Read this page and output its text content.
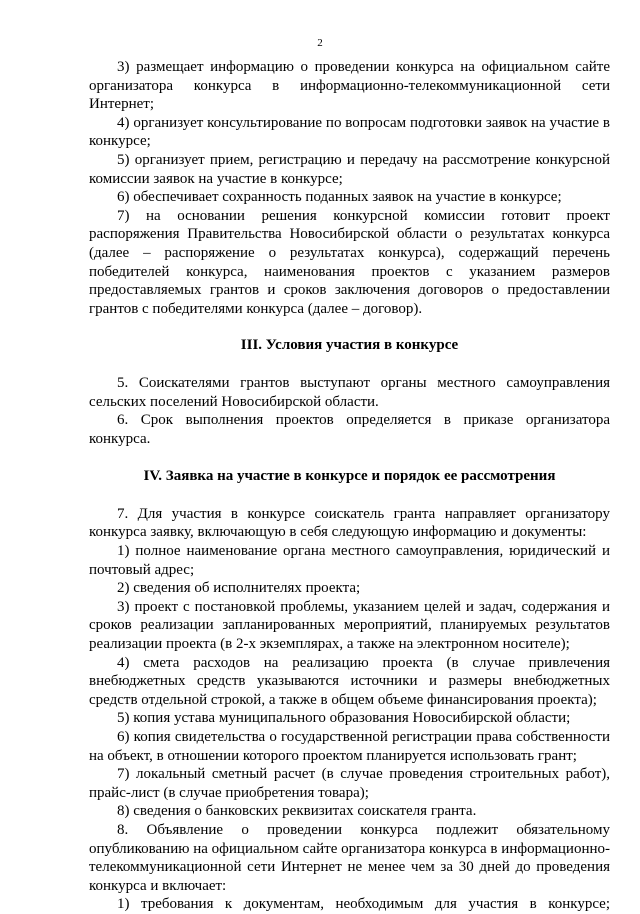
2

3) размещает информацию о проведении конкурса на официальном сайте организатора конкурса в информационно-телекоммуникационной сети Интернет;

4) организует консультирование по вопросам подготовки заявок на участие в конкурсе;

5) организует прием, регистрацию и передачу на рассмотрение конкурсной комиссии заявок на участие в конкурсе;

6) обеспечивает сохранность поданных заявок на участие в конкурсе;

7) на основании решения конкурсной комиссии готовит проект распоряжения Правительства Новосибирской области о результатах конкурса (далее – распоряжение о результатах конкурса), содержащий перечень победителей конкурса, наименования проектов с указанием размеров предоставляемых грантов и сроков заключения договоров о предоставлении грантов с победителями конкурса (далее – договор).

III. Условия участия в конкурсе

5. Соискателями грантов выступают органы местного самоуправления сельских поселений Новосибирской области.

6. Срок выполнения проектов определяется в приказе организатора конкурса.

IV. Заявка на участие в конкурсе и порядок ее рассмотрения

7. Для участия в конкурсе соискатель гранта направляет организатору конкурса заявку, включающую в себя следующую информацию и документы:

1) полное наименование органа местного самоуправления, юридический и почтовый адрес;

2) сведения об исполнителях проекта;

3) проект с постановкой проблемы, указанием целей и задач, содержания и сроков реализации запланированных мероприятий, планируемых результатов реализации проекта (в 2-х экземплярах, а также на электронном носителе);

4) смета расходов на реализацию проекта (в случае привлечения внебюджетных средств указываются источники и размеры внебюджетных средств отдельной строкой, а также в общем объеме финансирования проекта);

5) копия устава муниципального образования Новосибирской области;

6) копия свидетельства о государственной регистрации права собственности на объект, в отношении которого проектом планируется использовать грант;

7) локальный сметный расчет (в случае проведения строительных работ), прайс-лист (в случае приобретения товара);

8) сведения о банковских реквизитах соискателя гранта.

8. Объявление о проведении конкурса подлежит обязательному опубликованию на официальном сайте организатора конкурса в информационно-телекоммуникационной сети Интернет не менее чем за 30 дней до проведения конкурса и включает:

1) требования к документам, необходимым для участия в конкурсе;
